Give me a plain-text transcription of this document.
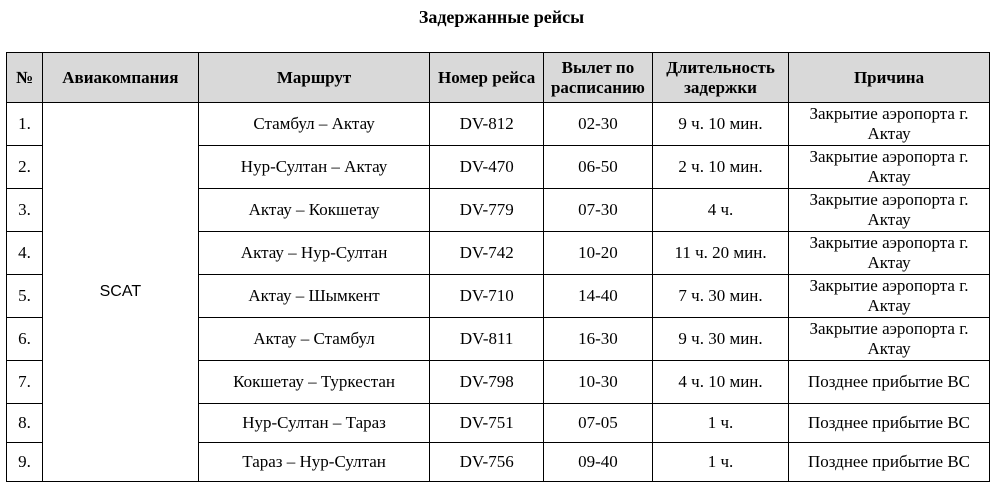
Задержанные рейсы
№	Авиакомпания	Маршрут	Номер рейса	Вылет по расписанию	Длительность задержки	Причина
1.	SCAT	Стамбул – Актау	DV-812	02-30	9 ч. 10 мин.	Закрытие аэропорта г. Актау
2.		Нур-Султан – Актау	DV-470	06-50	2 ч. 10 мин.	Закрытие аэропорта г. Актау
3.		Актау – Кокшетау	DV-779	07-30	4 ч.	Закрытие аэропорта г. Актау
4.		Актау – Нур-Султан	DV-742	10-20	11 ч. 20 мин.	Закрытие аэропорта г. Актау
5.		Актау – Шымкент	DV-710	14-40	7 ч. 30 мин.	Закрытие аэропорта г. Актау
6.		Актау – Стамбул	DV-811	16-30	9 ч. 30 мин.	Закрытие аэропорта г. Актау
7.		Кокшетау – Туркестан	DV-798	10-30	4 ч. 10 мин.	Позднее прибытие ВС
8.		Нур-Султан – Тараз	DV-751	07-05	1 ч.	Позднее прибытие ВС
9.		Тараз – Нур-Султан	DV-756	09-40	1 ч.	Позднее прибытие ВС
